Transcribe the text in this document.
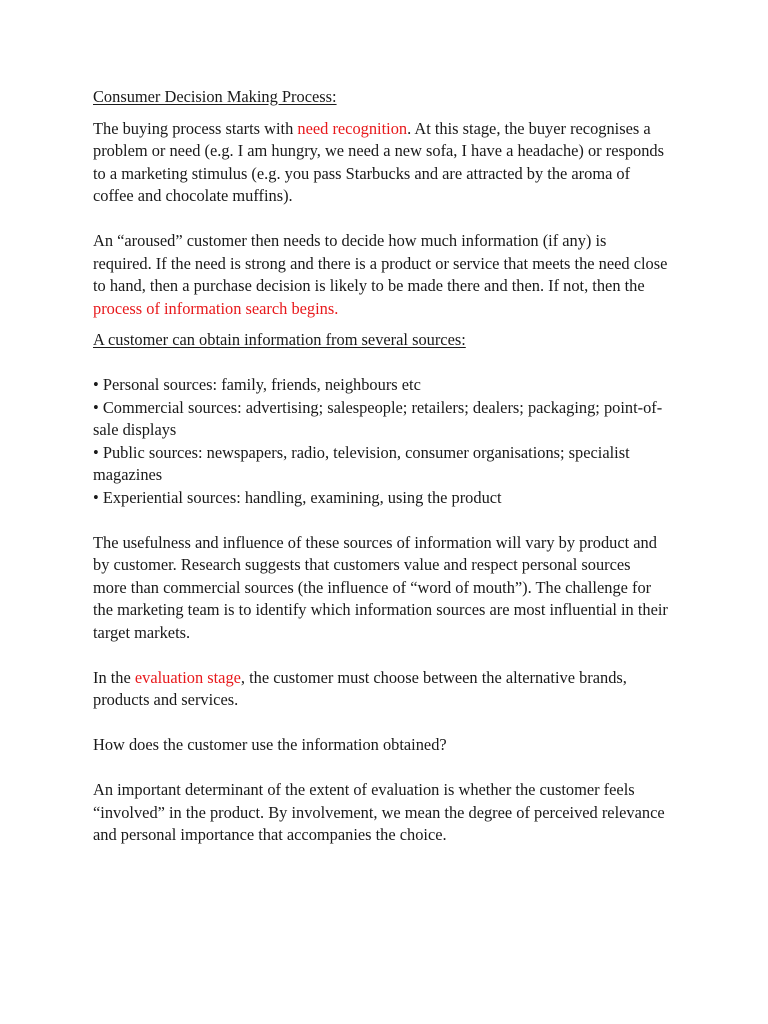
Consumer Decision Making Process:

The buying process starts with need recognition. At this stage, the buyer recognises a problem or need (e.g. I am hungry, we need a new sofa, I have a headache) or responds to a marketing stimulus (e.g. you pass Starbucks and are attracted by the aroma of coffee and chocolate muffins).

An “aroused” customer then needs to decide how much information (if any) is required. If the need is strong and there is a product or service that meets the need close to hand, then a purchase decision is likely to be made there and then. If not, then the process of information search begins.

A customer can obtain information from several sources:

• Personal sources: family, friends, neighbours etc
• Commercial sources: advertising; salespeople; retailers; dealers; packaging; point-of-sale displays
• Public sources: newspapers, radio, television, consumer organisations; specialist magazines
• Experiential sources: handling, examining, using the product

The usefulness and influence of these sources of information will vary by product and by customer. Research suggests that customers value and respect personal sources more than commercial sources (the influence of “word of mouth”). The challenge for the marketing team is to identify which information sources are most influential in their target markets.

In the evaluation stage, the customer must choose between the alternative brands, products and services.

How does the customer use the information obtained?

An important determinant of the extent of evaluation is whether the customer feels “involved” in the product. By involvement, we mean the degree of perceived relevance and personal importance that accompanies the choice.
